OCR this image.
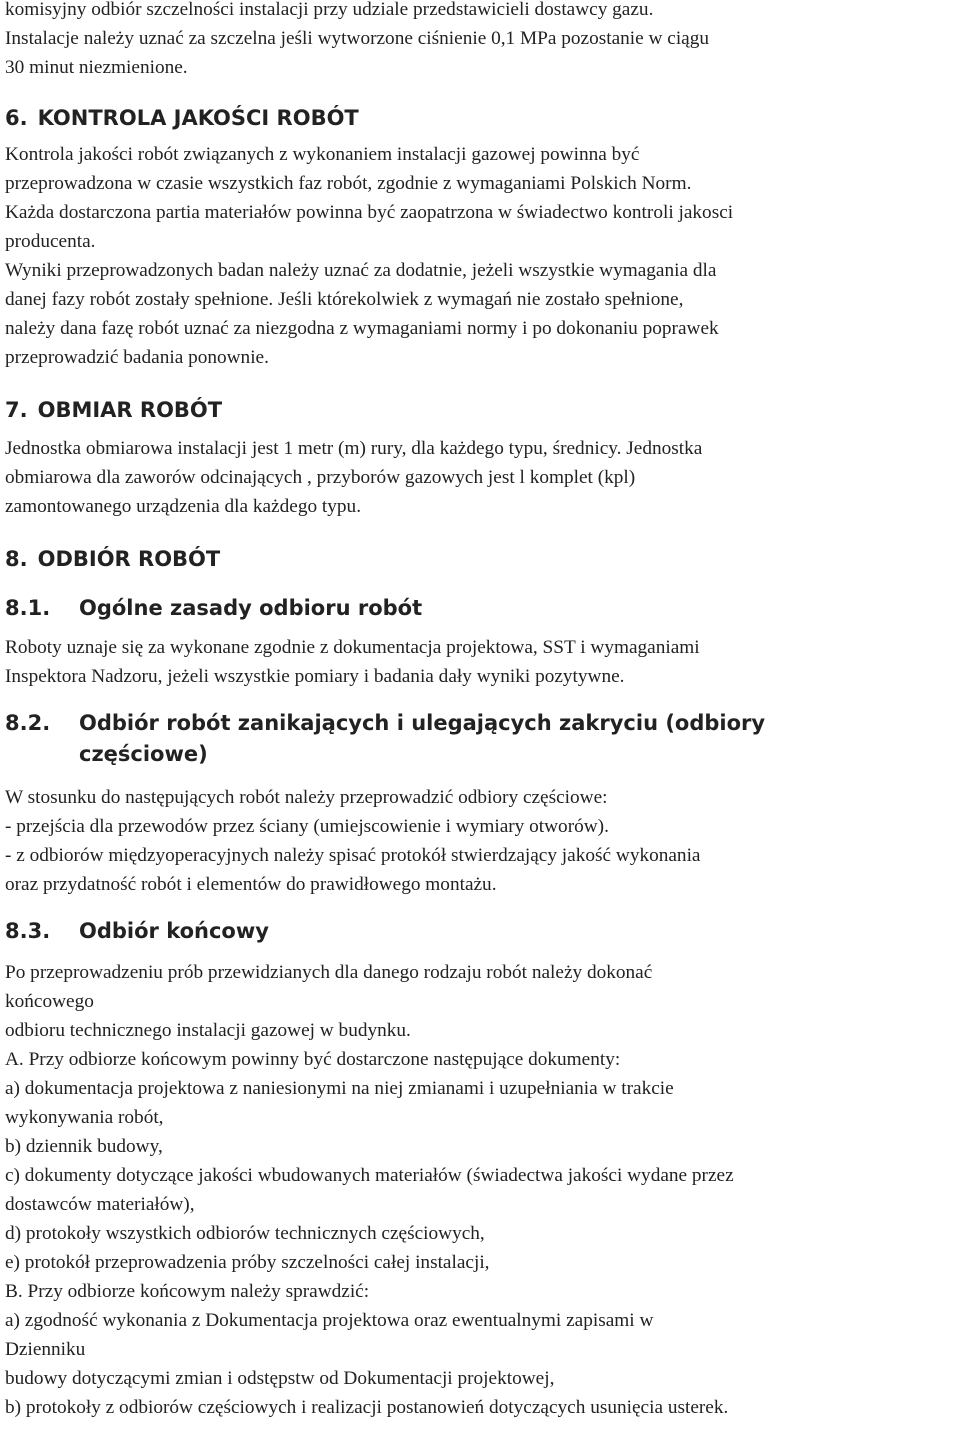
komisyjny odbiór szczelności instalacji przy udziale przedstawicieli dostawcy gazu.
Instalacje należy uznać za szczelna jeśli wytworzone ciśnienie 0,1 MPa pozostanie w ciągu
30 minut niezmienione.
6. KONTROLA JAKOŚCI ROBÓT
Kontrola jakości robót związanych z wykonaniem instalacji gazowej powinna być
przeprowadzona w czasie wszystkich faz robót, zgodnie z wymaganiami Polskich Norm.
Każda dostarczona partia materiałów powinna być zaopatrzona w świadectwo kontroli jakosci
producenta.
Wyniki przeprowadzonych badan należy uznać za dodatnie, jeżeli wszystkie wymagania dla
danej fazy robót zostały spełnione. Jeśli którekolwiek z wymagań nie zostało spełnione,
należy dana fazę robót uznać za niezgodna z wymaganiami normy i po dokonaniu poprawek
przeprowadzić badania ponownie.
7. OBMIAR ROBÓT
Jednostka obmiarowa instalacji jest 1 metr (m) rury, dla każdego typu, średnicy. Jednostka
obmiarowa dla zaworów odcinających , przyborów gazowych jest l komplet (kpl)
zamontowanego urządzenia dla każdego typu.
8. ODBIÓR ROBÓT
8.1. Ogólne zasady odbioru robót
Roboty uznaje się za wykonane zgodnie z dokumentacja projektowa, SST i wymaganiami
Inspektora Nadzoru, jeżeli wszystkie pomiary i badania dały wyniki pozytywne.
8.2. Odbiór robót zanikających i ulegających zakryciu (odbiory
częściowe)
W stosunku do następujących robót należy przeprowadzić odbiory częściowe:
- przejścia dla przewodów przez ściany (umiejscowienie i wymiary otworów).
- z odbiorów międzyoperacyjnych należy spisać protokół stwierdzający jakość wykonania
oraz przydatność robót i elementów do prawidłowego montażu.
8.3. Odbiór końcowy
Po przeprowadzeniu prób przewidzianych dla danego rodzaju robót należy dokonać
końcowego
odbioru technicznego instalacji gazowej w budynku.
A. Przy odbiorze końcowym powinny być dostarczone następujące dokumenty:
a) dokumentacja projektowa z naniesionymi na niej zmianami i uzupełniania w trakcie
wykonywania robót,
b) dziennik budowy,
c) dokumenty dotyczące jakości wbudowanych materiałów (świadectwa jakości wydane przez
dostawców materiałów),
d) protokoły wszystkich odbiorów technicznych częściowych,
e) protokół przeprowadzenia próby szczelności całej instalacji,
B. Przy odbiorze końcowym należy sprawdzić:
a) zgodność wykonania z Dokumentacja projektowa oraz ewentualnymi zapisami w
Dzienniku
budowy dotyczącymi zmian i odstępstw od Dokumentacji projektowej,
b) protokoły z odbiorów częściowych i realizacji postanowień dotyczących usunięcia usterek.
